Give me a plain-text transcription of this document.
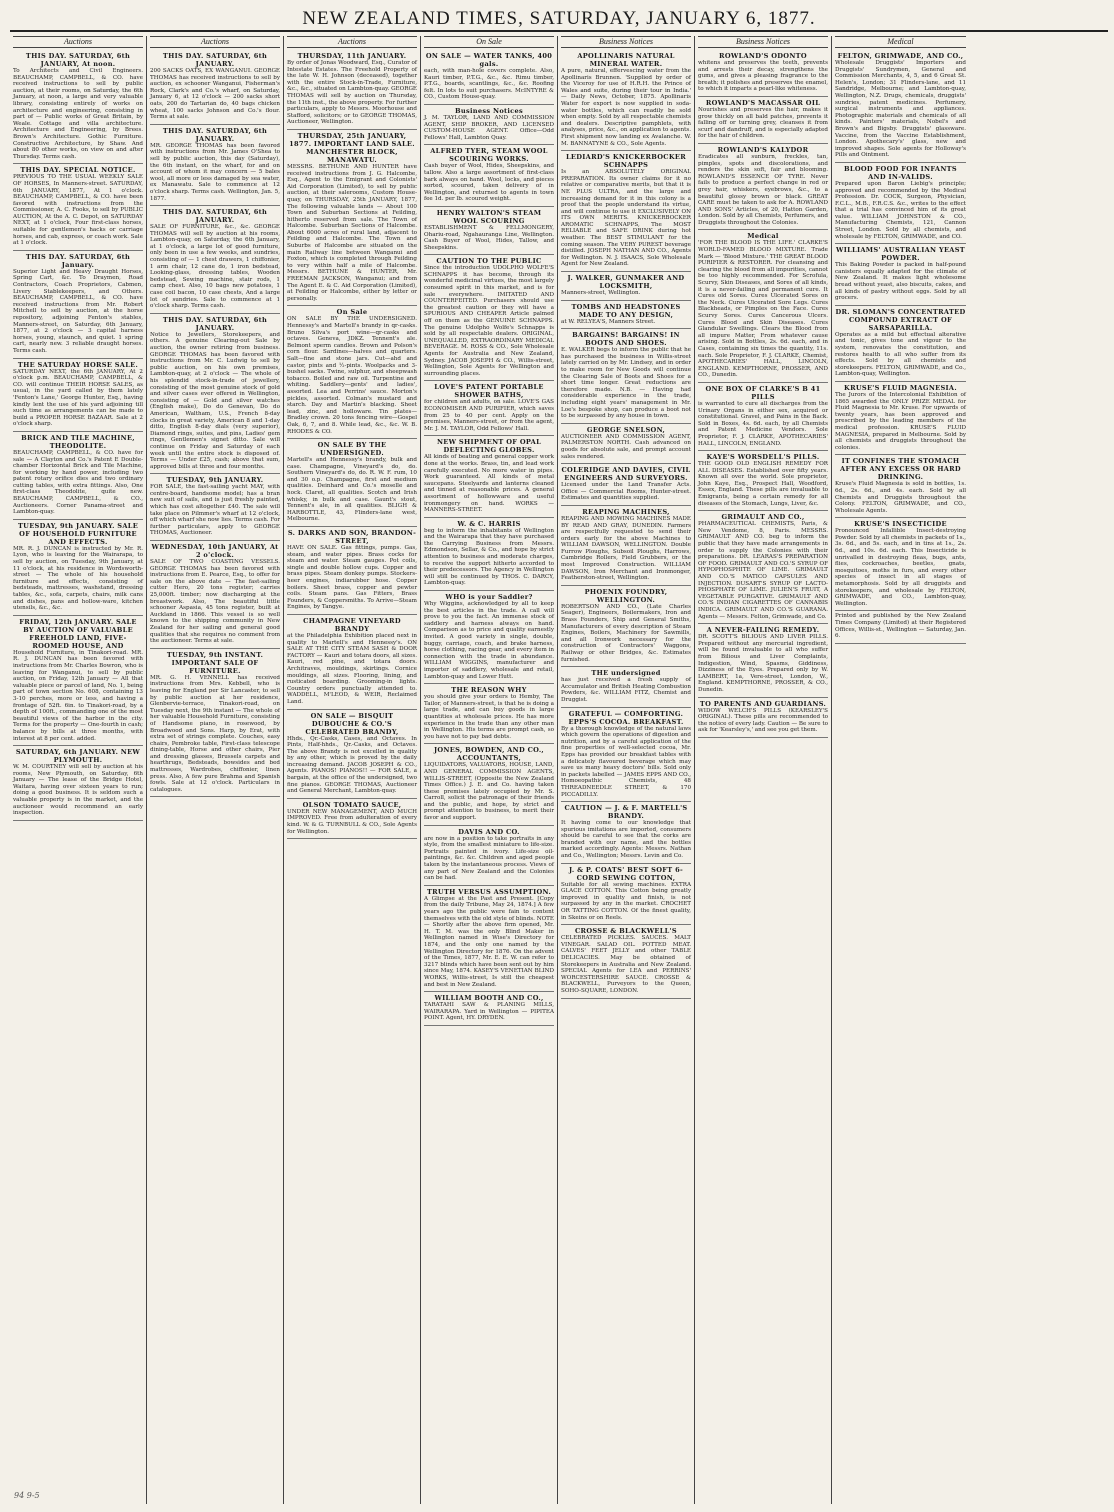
NEW ZEALAND TIMES, SATURDAY, JANUARY 6, 1877.
Auctions
THIS DAY. SATURDAY, 6th JANUARY, At noon.
To Architects and Civil Engineers. BEAUCHAMP, CAMPBELL, & CO. have received instructions to sell by public auction, at their rooms, on Saturday, the 6th January, at noon, a large and very valuable library, consisting entirely of works on architecture and engineering, consisting in part of — Public works of Great Britain, by Weale. Cottage and villa architecture. Architecture and Engineering, by Brees. Brown's Architecture. Gothic Furniture. Constructive Architecture, by Shaw. And about 80 other works, on view on and after Thursday. Terms cash.
THIS DAY. SPECIAL NOTICE.
PREVIOUS TO THE USUAL WEEKLY SALE OF HORSES, In Manners-street. SATURDAY, 6th JANUARY, 1877, At 1 o'clock. BEAUCHAMP, CAMPBELL, & CO. have been favored with instructions from the Commissioner, A. C. Fooks, to sell by PUBLIC AUCTION, At the A. C. Depot, on SATURDAY NEXT, at 1 o'clock, Four first-class horses, suitable for gentlemen's hacks or carriage horses, and cab, express, or coach work. Sale at 1 o'clock.
THIS DAY. SATURDAY, 6th January.
Superior Light and Heavy Draught Horses, Spring Cart, &c. To Draymen, Road Contractors, Coach Proprietors, Cabmen, Livery Stablekeepers, and Others. BEAUCHAMP, CAMPBELL, & CO. have received instructions from Mr. Robert Mitchell to sell by auction, at the horse repository, adjoining Fenton's stables, Manners-street, on Saturday, 6th January, 1877, at 2 o'clock — 3 capital harness horses, young, staunch, and quiet. 1 spring cart, nearly new. 3 reliable draught horses. Terms cash.
THE SATURDAY HORSE SALE.
SATURDAY NEXT, the 6th JANUARY, At 2 o'clock p.m. BEAUCHAMP, CAMPBELL, & CO. will continue THEIR HORSE SALES, as usual, in the yard called by them lately 'Fenton's Lane,' George Hunter, Esq., having kindly lent the use of his yard adjoining till such time as arrangements can be made to build a PROPER HORSE BAZAAR. Sale at 2 o'clock sharp.
BRICK AND TILE MACHINE, THEODOLITE.
BEAUCHAMP, CAMPBELL, & CO. have for sale — A Clayton and Co.'s Patent E Double-chamber Horizontal Brick and Tile Machine, for working by hand power, including two patent rotary orifice dies and two ordinary cutting tables, with extra fittings. Also, One first-class Theodolite, quite new. BEAUCHAMP, CAMPBELL, & CO., Auctioneers. Corner Panama-street and Lambton-quay.
TUESDAY, 9th JANUARY. SALE OF HOUSEHOLD FURNITURE AND EFFECTS.
MR. R. J. DUNCAN is instructed by Mr. R. Lyon, who is leaving for the Wairarapa, to sell by auction, on Tuesday, 9th January, at 11 o'clock, at his residence in Wordsworth-street — The whole of his household furniture and effects, consisting of bedsteads, mattresses, washstand, dressing tables, &c., sofa, carpets, chairs, milk cans and dishes, pans and hollow-ware, kitchen utensils, &c., &c.
FRIDAY, 12th JANUARY. SALE BY AUCTION OF VALUABLE FREEHOLD LAND, FIVE-ROOMED HOUSE, AND
Household Furniture, in Tinakori-road. MR. R. J. DUNCAN has been favored with instructions from Mr. Charles Bowron, who is leaving for Wanganui, to sell by public auction, on Friday, 12th January — All that valuable piece or parcel of land, No. 1, being part of town section No. 608, containing 13 3-10 perches, more or less, and having a frontage of 52ft. 6in. to Tinakori-road, by a depth of 100ft., commanding one of the most beautiful views of the harbor in the city. Terms for the property — One-fourth in cash; balance by bills at three months, with interest at 8 per cent. added.
SATURDAY, 6th JANUARY. NEW PLYMOUTH.
W. M. COURTNEY will sell by auction at his rooms, New Plymouth, on Saturday, 6th January — The lease of the Bridge Hotel, Waitara, having over sixteen years to run; doing a good business. It is seldom such a valuable property is in the market, and the auctioneer would recommend an early inspection.
Auctions
THIS DAY. SATURDAY, 6th JANUARY.
200 SACKS OATS, EX WANGANUI. GEORGE THOMAS has received instructions to sell by auction, ex schooner Wanganui, Fisherman's Rock, Clark's and Co.'s wharf, on Saturday, January 6, at 12 o'clock — 200 sacks short oats, 200 do Tartarian do, 40 bags chicken wheat, 100 sacks Johnson and Co.'s flour. Terms at sale.
THIS DAY. SATURDAY, 6th JANUARY.
MR. GEORGE THOMAS has been favored with instructions from Mr. James O'Shea to sell by public auction, this day (Saturday), the 6th instant, on the wharf, for and on account of whom it may concern — 5 bales wool, all more or less damaged by sea water, ex Manawatu. Sale to commence at 12 o'clock sharp. Terms cash. Wellington, Jan. 5, 1877.
THIS DAY. SATURDAY, 6th JANUARY.
SALE OF FURNITURE, &c., &c. GEORGE THOMAS will sell by auction at his rooms, Lambton-quay, on Saturday, the 6th January, at 1 o'clock, a large lot of good furniture, only been in use a few weeks, and sundries, consisting of — 1 chest drawers, 1 chiffonier, 1 arm chair, 12 cane do, 1 iron bedstead, Looking-glass, dressing tables, Wooden bedstead, Sewing machine, stair rods, 1 camp chest. Also, 10 bags new potatoes, 1 case coil bacon, 10 case chests, And a large lot of sundries. Sale to commence at 1 o'clock sharp. Terms cash.
THIS DAY. SATURDAY, 6th JANUARY.
Notice to Jewellers, Storekeepers, and others. A genuine Clearing-out Sale by auction, the owner retiring from business. GEORGE THOMAS has been favored with instructions from Mr. C. Ludwig to sell by public auction, on his own premises, Lambton-quay, at 2 o'clock — The whole of his splendid stock-in-trade of jewellery, consisting of the most genuine stock of gold and silver cases ever offered in Wellington, consisting of — Gold and silver watches (English make), Do do Genevan, Do do American, Waltham, U.S., French 8-day clocks in great variety, American 8 and 1-day ditto, English 8-day dials (very superior), Diamond rings, suites, and pins, Ladies' gem rings, Gentlemen's signet ditto. Sale will continue on Friday and Saturday of each week until the entire stock is disposed of. Terms — Under £25, cash; above that sum, approved bills at three and four months.
TUESDAY, 9th JANUARY.
FOR SALE, the fast-sailing yacht MAY, with centre-board, handsome model; has a bran new suit of sails, and is just freshly painted, which has cost altogether £40. The sale will take place on Pilmmer's wharf at 12 o'clock, off which wharf she now lies. Terms cash. For further particulars, apply to GEORGE THOMAS, Auctioneer.
WEDNESDAY, 10th JANUARY, At 2 o'clock.
SALE OF TWO COASTING VESSELS. GEORGE THOMAS has been favored with instructions from E. Pearce, Esq., to offer for sale on the above date — The fast-sailing cutter Hero, 20 tons register; carries 25,000ft. timber; now discharging at the breastwork. Also, The beautiful little schooner Aspasia, 45 tons register, built at Auckland in 1866. This vessel is so well known to the shipping community in New Zealand for her sailing and general good qualities that she requires no comment from the auctioneer. Terms at sale.
TUESDAY, 9th INSTANT. IMPORTANT SALE OF FURNITURE.
MR. G. H. VENNELL has received instructions from Mrs. Kebbell, who is leaving for England per Sir Lancaster, to sell by public auction at her residence, Glenbervie-terrace, Tinakori-road, on Tuesday next, the 9th instant — The whole of her valuable Household Furniture, consisting of Handsome piano, in rosewood, by Broadwood and Sons. Harp, by Erat, with extra set of strings complete. Couches, easy chairs, Pembroke table, First-class telescope dining-table, Horse and other chairs, Pier and dressing glasses, Brussels carpets and hearthrugs, Bedsteads, bowsides and bed mattresses, Wardrobes, chiffonier, linen press. Also, A few pure Brahma and Spanish fowls. Sale at 12 o'clock. Particulars in catalogues.
Auctions
THURSDAY, 11th JANUARY.
By order of Jonas Woodward, Esq., Curator of Intestate Estates. The Freehold Property of the late W. H. Johnson (deceased), together with the entire Stock-in-Trade, Furniture, &c., &c., situated on Lambton-quay. GEORGE THOMAS will sell by auction on Thursday, the 11th inst., the above property. For further particulars, apply to Messrs. Moorhouse and Stafford, solicitors; or to GEORGE THOMAS, Auctioneer, Wellington.
THURSDAY, 25th JANUARY, 1877. IMPORTANT LAND SALE. MANCHESTER BLOCK, MANAWATU.
MESSRS. BETHUNE AND HUNTER have received instructions from J. G. Halcombe, Esq., Agent to the Emigrant and Colonists' Aid Corporation (Limited), to sell by public auction, at their salerooms, Custom House-quay, on THURSDAY, 25th JANUARY, 1877, The following valuable lands — About 100 Town and Suburban Sections at Feilding, hitherto reserved from sale. The Town of Halcombe. Suburban Sections of Halcombe. About 6000 acres of rural land, adjacent to Feilding and Halcombe. The Town and Suburbs of Halcombe are situated on the main Railway line between Wanganui and Foxton, which is completed through Feilding to very within half a mile of Halcombe. Messrs. BETHUNE & HUNTER, Mr. FREEMAN JACKSON, Wanganui; and from The Agent E. & C. Aid Corporation (Limited), at Feilding or Halcombe, either by letter or personally.
On Sale
ON SALE BY THE UNDERSIGNED. Hennessy's and Martell's brandy in qr-casks. Bruno Silva's port wine—qr-casks and octaves. Geneva, JDKZ. Tennent's ale. Belmont sperm candles. Brown and Polson's corn flour. Sardines—halves and quarters. Salt—fine and stone jars. Cut—ahd and castor, pints and ½-pints. Woolpacks and 3-bushel sacks. Twine, sulphur, and sheepwash tobacco. Boiled and raw oil. Turpentine and whiting. Saddlery—gents' and ladies', assorted. Lea and Perrins' sauce. Morton's pickles, assorted. Colman's mustard and starch. Day and Martin's blacking. Sheet lead, zinc, and holloware. Tin plates—Bradley crown. 20 tons fencing wire—Gospel Oak, 6, 7, and 8. While lead, &c., &c. W. B. RHODES & CO.
ON SALE BY THE UNDERSIGNED.
Martell's and Hennessy's brandy, bulk and case. Champagne, Vineyard's do, do. Southern Vineyard's do, do. R. W. F. rum, 10 and 30 o.p. Champagne, first and medium qualities. Deinhard and Co.'s moselle and hock. Claret, all qualities. Scotch and Irish whisky, in bulk and case. Gaunt's stout, Tennent's ale, in all qualities. BLIGH & HARBOTTLE, 43, Flinders-lane west, Melbourne.
S. DARKS AND SON, BRANDON-STREET,
HAVE ON SALE. Gas fittings, pumps. Gas, steam, and water pipes. Brass cocks for steam and water. Steam gauges. Pot coils, single and double hollow cups. Copper and brass pipes. Steam donkey pumps. Stockers-heer engines, indiarubber hose. Copper boilers. Sheet brass, copper and pewter coils. Steam pans. Gas Fitters, Brass Founders, & Coppersmiths. To Arrive—Steam Engines, by Tangye.
CHAMPAGNE VINEYARD BRANDY
at the Philadelphia Exhibition placed next in quality to Martell's and Hennessy's. ON SALE AT THE CITY STEAM SASH & DOOR FACTORY — Kauri and totara doors, all sizes. Kauri, red pine, and totara doors. Architraves, mouldings, skirtings. Cornice mouldings, all sizes. Flooring, lining, and rusticated boarding. Grooming-in lights. Country orders punctually attended to. WADDELL, M'LEOD, & WEIR, Reclaimed Land.
ON SALE — BISQUIT DUBOUCHE & CO.'S CELEBRATED BRANDY,
Hhds., Qr.-Casks, Cases, and Octaves. In Pints, Half-hhds., Qr.-Casks, and Octaves. The above Brandy is not excelled in quality by any other, which is proved by the daily increasing demand. JACOB JOSEPH & CO., Agents. PIANOS! PIANOS!! — FOR SALE, a bargain, at the office of the undersigned, two fine pianos. GEORGE THOMAS, Auctioneer and General Merchant, Lambton-quay.
OLSON TOMATO SAUCE,
UNDER NEW MANAGEMENT, AND MUCH IMPROVED. Free from adulteration of every kind. W. & G. TURNBULL & CO., Sole Agents for Wellington.
On Sale
ON SALE — WATER TANKS, 400 gals.
each, with man-hole covers complete. Also, Kauri timber, P.T.G., &c., &c. Rimu timber, P.T.G., boards, scantlings, &c., &c. Roofing felt. In lots to suit purchasers. McINTYRE & CO., Custom House-quay.
Business Notices
J. M. TAYLOR, LAND AND COMMISSION AGENT, SHIP BROKER, AND LICENSED CUSTOM-HOUSE AGENT. Office—Odd Fellows' Hall, Lambton Quay.
ALFRED TYER, STEAM WOOL SCOURING WORKS.
Cash buyer of Wool, Hides, Sheepskins, and tallow. Also a large assortment of first-class bark always on hand. Wool, locks, and pieces sorted, scoured, taken delivery of in Wellington, and returned to agents in town fee 1d. per lb. scoured weight.
HENRY WALTON'S STEAM WOOL SCOURING
ESTABLISHMENT & FELLMONGERY, Ohariu-road, Ngahauranga Line, Wellington. Cash Buyer of Wool, Hides, Tallow, and Sheepskins.
CAUTION TO THE PUBLIC
Since the introduction UDOLPHO WOLFE'S SCHNAPPS it has become, through its wonderful medicinal virtues, the most largely consumed spirit in this market, and is for sale everywhere. IMITATED AND COUNTERFEITED. Purchasers should use the greatest caution or they will have a SPURIOUS AND CHEAPER Article palmed off on them as the GENUINE SCHNAPPS. The genuine Udolpho Wolfe's Schnapps is sold by all respectable dealers. ORIGINAL, UNEQUALLED, EXTRAORDINARY MEDICAL BEVERAGE. M. ROSS & CO., Sole Wholesale Agents for Australia and New Zealand, Sydney. JACOB JOSEPH & CO., Willis-street, Wellington, Sole Agents for Wellington and surrounding places.
LOVE'S PATENT PORTABLE SHOWER BATHS,
for children and adults, on sale. LOVE'S GAS ECONOMISER AND PURIFIER, which saves from 25 to 40 per cent. Apply on the premises, Manners-street, or from the agent, Mr. J. M. TAYLOR, Odd Fellows' Hall.
NEW SHIPMENT OF OPAL DEFLECTING GLOBES.
All kinds of beating and general copper work done at the works. Brass, tin, and lead work carefully executed. No more water in pipes. Work guaranteed. All kinds of metal saucepans. Steelyards and lanterns cleaned and tinned at reasonable prices. A general assortment of hollowware and useful ironmongery on hand. WORKS — MANNERS-STREET.
W. & C. HARRIS
beg to inform the inhabitants of Wellington and the Wairarapa that they have purchased the Carrying Business from Messrs. Edmondson, Sellar, & Co., and hope by strict attention to business and moderate charges, to receive the support hitherto accorded to their predecessors. The Agency in Wellington will still be continued by THOS. C. DARCY, Lambton-quay.
WHO is your Saddler?
Why Wiggins, acknowledged by all to keep the best articles in the trade. A call will prove to you the fact. An immense stock of saddlery and harness always on hand. Comparison as to price and quality earnestly invited. A good variety in single, double, buggy, carriage, coach, and brake harness, horse clothing, racing gear, and every item in connection with the trade in abundance. WILLIAM WIGGINS, manufacturer and importer of saddlery, wholesale and retail, Lambton-quay and Lower Hutt.
THE REASON WHY
you should give your orders to Hemby, The Tailor, of Manners-street, is that he is doing a large trade, and can buy goods in large quantities at wholesale prices. He has more experience in the trade than any other man in Wellington. His terms are prompt cash, so you have not to pay bad debts.
JONES, BOWDEN, AND CO., ACCOUNTANTS,
LIQUIDATORS, VALUATORS, HOUSE, LAND, AND GENERAL COMMISSION AGENTS, WILLIS-STREET, (Opposite the New Zealand Times Office.) J. E. and Co. having taken these premises lately occupied by Mr. S. Carroll, solicit the patronage of their friends and the public, and hope, by strict and prompt attention to business, to merit their favor and support.
DAVIS AND CO.
are now in a position to take portraits in any style, from the smallest miniature to life-size. Portraits painted in ivory. Life-size oil-paintings, &c. &c. Children and aged people taken by the instantaneous process. Views of any part of New Zealand and the Colonies can be had.
TRUTH VERSUS ASSUMPTION.
A Glimpse at the Past and Present. [Copy from the daily Tribune, May 24, 1874.] A few years ago the public were fain to content themselves with the old style of blinds. NOTE — Shortly after the above firm opened, Mr. H. T. M. was the only Blind Maker in Wellington named in Wise's Directory for 1874, and the only one named by the Wellington Directory for 1876. On the advent of the Times, 1877, Mr. E. E. W. can refer to 3217 blinds which have been sent out by him since May, 1874. KASEY'S VENETIAN BLIND WORKS, Willis-street, Is still the cheapest and best in New Zealand.
WILLIAM BOOTH AND CO.,
TARATAHI SAW & PLANING MILLS, WAIRARAPA. Yard in Wellington — PIPITEA POINT. Agent, HY. DRYDEN.
Business Notices
APOLLINARIS NATURAL MINERAL WATER.
A pure, natural, effervescing water from the Apollinaris Brunnen. 'Supplied by order of the Viceroy for use of H.R.H. the Prince of Wales and suite, during their tour in India.' — Daily News, October, 1875. Apollinaris Water for export is now supplied in soda-water bottles, which can readily be sold when empty. Sold by all respectable chemists and dealers. Descriptive pamphlets, with analyses, price, &c., on application to agents. First shipment now landing ex Avalanche. W. M. BANNATYNE & CO., Sole Agents.
LEDIARD'S KNICKERBOCKER SCHNAPPS
Is an ABSOLUTELY ORIGINAL PREPARATION. Its owner claims for it no relative or comparative merits, but that it is NE PLUS ULTRA, and the large and increasing demand for it in this colony is a proof that the people understand its virtue, and will continue to use it EXCLUSIVELY ON ITS OWN MERITS. KNICKERBOCKER AROMATIC SCHNAPPS, The MOST RELIABLE and SAFE DRINK during hot weather. The BEST STIMULANT for the coming season. The VERY PUREST beverage distilled. JOSEPH NATHAN AND CO., Agents for Wellington. N. J. ISAACS, Sole Wholesale Agent for New Zealand.
J. WALKER, GUNMAKER AND LOCKSMITH,
Manners-street, Wellington.
TOMBS AND HEADSTONES MADE TO ANY DESIGN,
at W. RELYEA'S, Manners Street.
BARGAINS! BARGAINS! IN BOOTS AND SHOES.
E. WALKER begs to inform the public that he has purchased the business in Willis-street lately carried on by Mr. Lindsey, and in order to make room for New Goods will continue the Clearing Sale of Boots and Shoes for a short time longer. Great reductions are therefore made. N.B. — Having had considerable experience in the trade, including eight years' management in Mr. Loe's bespoke shop, can produce a boot not to be surpassed by any house in town.
GEORGE SNELSON,
AUCTIONEER AND COMMISSION AGENT, PALMERSTON NORTH. Cash advanced on goods for absolute sale, and prompt account sales rendered.
COLERIDGE AND DAVIES, CIVIL ENGINEERS AND SURVEYORS.
Licensed under the Land Transfer Acts. Office — Commercial Rooms, Hunter-street. Estimates and quantities supplied.
REAPING MACHINES,
REAPING AND MOWING MACHINES MADE BY READ AND GRAY, DUNEDIN. Farmers are respectfully requested to send their orders early for the above Machines to WILLIAM DAWSON, WELLINGTON. Double Furrow Ploughs, Subsoil Ploughs, Harrows, Cambridge Rollers, Field Grubbers, or the most Improved Construction. WILLIAM DAWSON, Iron Merchant and Ironmonger, Featherston-street, Wellington.
PHOENIX FOUNDRY, WELLINGTON.
ROBERTSON AND CO., (Late Charles Seager), Engineers, Boilermakers, Iron and Brass Founders, Ship and General Smiths, Manufacturers of every description of Steam Engines, Boilers, Machinery for Sawmills, and all Ironwork necessary for the construction of Contractors' Waggons, Railway or other Bridges, &c. Estimates furnished.
THE undersigned
has just received a fresh supply of Accumulator and British Heating Combustion Powders, &c. WILLIAM FITZ, Chemist and Druggist.
GRATEFUL — COMFORTING. EPPS'S COCOA. BREAKFAST.
By a thorough knowledge of the natural laws which govern the operations of digestion and nutrition, and by a careful application of the fine properties of well-selected cocoa, Mr. Epps has provided our breakfast tables with a delicately flavoured beverage which may save us many heavy doctors' bills. Sold only in packets labelled — JAMES EPPS AND CO., Homoeopathic Chemists, 48 THREADNEEDLE STREET, & 170 PICCADILLY.
CAUTION — J. & F. MARTELL'S BRANDY.
It having come to our knowledge that spurious imitations are imported, consumers should be careful to see that the corks are branded with our name, and the bottles marked accordingly. Agents: Messrs. Nathan and Co., Wellington; Messrs. Levin and Co.
J. & P. COATS' BEST SOFT 6-CORD SEWING COTTON,
Suitable for all sewing machines. EXTRA GLACE COTTON. This Cotton being greatly improved in quality and finish, is not surpassed by any in the market. CROCHET OR TATTING COTTON. Of the finest quality, in Skeins or on Reels.
CROSSE & BLACKWELL'S
CELEBRATED PICKLES. SAUCES. MALT VINEGAR. SALAD OIL. POTTED MEAT. CALVES' FEET JELLY and other TABLE DELICACIES. May be obtained of Storekeepers in Australia and New Zealand. SPECIAL Agents for LEA and PERRINS' WORCESTERSHIRE SAUCE. CROSSE & BLACKWELL, Purveyors to the Queen, SOHO-SQUARE, LONDON.
Business Notices
ROWLAND'S ODONTO
whitens and preserves the teeth, prevents and arrests their decay, strengthens the gums, and gives a pleasing fragrance to the breath; it polishes and preserves the enamel, to which it imparts a pearl-like whiteness.
ROWLAND'S MACASSAR OIL
Nourishes and preserves the hair, makes it grow thickly on all bald patches, prevents it falling off or turning grey, cleanses it from scurf and dandruff, and is especially adapted for the hair of children.
ROWLAND'S KALYDOR
Eradicates all sunburn, freckles, tan, pimples, spots and discolorations, and renders the skin soft, fair and blooming. ROWLAND'S ESSENCE OF TYRE. Never fails to produce a perfect change in red or grey hair, whiskers, eyebrows, &c., to a beautiful glossy brown or black. GREAT CARE must be taken to ask for A. ROWLAND AND SONS' Articles, of 20, Hatton Garden, London. Sold by all Chemists, Perfumers, and Druggists throughout the Colonies.
Medical
'FOR THE BLOOD IS THE LIFE.' CLARKE'S WORLD-FAMED BLOOD MIXTURE. Trade Mark — 'Blood Mixture.' THE GREAT BLOOD PURIFIER & RESTORER. For cleansing and clearing the blood from all impurities, cannot be too highly recommended. For Scrofula, Scurvy, Skin Diseases, and Sores of all kinds, it is a never-failing and permanent cure. It Cures old Sores. Cures Ulcerated Sores on the Neck. Cures Ulcerated Sore Legs. Cures Blackheads, or Pimples on the Face. Cures Scurvy Sores. Cures Cancerous Ulcers. Cures Blood and Skin Diseases. Cures Glandular Swellings. Clears the Blood from all impure Matter, From whatever cause arising. Sold in Bottles, 2s. 6d. each, and in Cases, containing six times the quantity, 11s. each. Sole Proprietor, F. J. CLARKE, Chemist, APOTHECARIES' HALL, LINCOLN, ENGLAND. KEMPTHORNE, PROSSER, AND CO., Dunedin.
ONE BOX OF CLARKE'S B 41 PILLS
is warranted to cure all discharges from the Urinary Organs in either sex, acquired or constitutional. Gravel, and Pains in the Back. Sold in Boxes, 4s. 6d. each, by all Chemists and Patent Medicine Vendors. Sole Proprietor, F. J. CLARKE, APOTHECARIES' HALL, LINCOLN, ENGLAND.
KAYE'S WORSDELL'S PILLS.
THE GOOD OLD ENGLISH REMEDY FOR ALL DISEASES. Established over fifty years. Known all over the world. Sole proprietor, John Kaye, Esq., Prospect Hall, Woodford, Essex, England. These pills are invaluable to Emigrants, being a certain remedy for all diseases of the Stomach, Lungs, Liver, &c.
GRIMAULT AND CO.,
PHARMACEUTICAL CHEMISTS, Paris, & New Vendome, 8, Paris. MESSRS. GRIMAULT AND CO. beg to inform the public that they have made arrangements in order to supply the Colonies with their preparations. DR. LEARAS'S PREPARATION OF FOOD. GRIMAULT AND CO.'S SYRUP OF HYPOPHOSPHITE OF LIME. GRIMAULT AND CO.'S MATICO CAPSULES AND INJECTION. DUSART'S SYRUP OF LACTO-PHOSPHATE OF LIME. JULIEN'S FRUIT, A VEGETABLE PURGATIVE. GRIMAULT AND CO.'S INDIAN CIGARETTES OF CANNABIS INDICA. GRIMAULT AND CO.'S GUARANA. Agents — Messrs. Felton, Grimwade, and Co.
A NEVER-FAILING REMEDY.
DR. SCOTT'S BILIOUS AND LIVER PILLS. Prepared without any mercurial ingredient, will be found invaluable to all who suffer from Bilious and Liver Complaints, Indigestion, Wind, Spasms, Giddiness, Dizziness of the Eyes. Prepared only by W. LAMBERT, 1a, Vere-street, London, W., England. KEMPTHORNE, PROSSER, & CO., Dunedin.
TO PARENTS AND GUARDIANS.
WIDOW WELCH'S PILLS (KEARSLEY'S ORIGINAL). These pills are recommended to the notice of every lady. Caution — Be sure to ask for 'Kearsley's,' and see you get them.
Medical
FELTON, GRIMWADE, AND CO.,
Wholesale Druggists' Importers and Druggists' Sundrymen, General and Commission Merchants, 4, 5, and 6 Great St. Helen's, London; 31 Flinders-lane, and 11 Sandridge, Melbourne; and Lambton-quay, Wellington, N.Z. Drugs, chemicals, druggists' sundries, patent medicines. Perfumery, surgical instruments and appliances. Photographic materials and chemicals of all kinds. Painters' materials, Nobel's and Brown's and Bigsby. Druggists' glassware. Vaccine, from the Vaccine Establishment, London. Apothecary's' glass, new and improved shapes. Sole agents for Holloway's Pills and Ointment.
BLOOD FOOD FOR INFANTS AND IN-VALIDS.
Prepared upon Baron Liebig's principle; approved and recommended by the Medical Profession. Dr. COCK, Surgeon, Physician, F.C.L., M.B., F.R.C.S. &c., writes to the effect that a trial has convinced him of its great value. WILLIAM JOHNSTON & CO., Manufacturing Chemists, 121, Cannon Street, London. Sold by all chemists, and wholesale by FELTON, GRIMWADE, and CO.
WILLIAMS' AUSTRALIAN YEAST POWDER.
This Baking Powder is packed in half-pound canisters equally adapted for the climate of New Zealand. It makes light wholesome bread without yeast, also biscuits, cakes, and all kinds of pastry without eggs. Sold by all grocers.
DR. SLOMAN'S CONCENTRATED COMPOUND EXTRACT OF SARSAPARILLA.
Operates as a mild but effectual alterative and tonic, gives tone and vigour to the system, renovates the constitution, and restores health to all who suffer from its effects. Sold by all chemists and storekeepers. FELTON, GRIMWADE, and Co., Lambton-quay, Wellington.
KRUSE'S FLUID MAGNESIA.
The Jurors of the Intercolonial Exhibition of 1865 awarded the ONLY PRIZE MEDAL for Fluid Magnesia to Mr. Kruse. For upwards of twenty years, has been approved and prescribed by the leading members of the medical profession. KRUSE'S FLUID MAGNESIA, prepared in Melbourne. Sold by all chemists and druggists throughout the colonies.
IT CONFINES THE STOMACH AFTER ANY EXCESS OR HARD DRINKING.
Kruse's Fluid Magnesia is sold in bottles, 1s. 6d., 2s. 6d., and 4s. each. Sold by all Chemists and Druggists throughout the Colony. FELTON, GRIMWADE, and CO., Wholesale Agents.
KRUSE'S INSECTICIDE
Pronounced Infallible Insect-destroying Powder. Sold by all chemists in packets of 1s., 3s. 6d., and 5s. each, and in tins at 1s., 2s. 6d., and 10s. 6d. each. This Insecticide is unrivalled in destroying fleas, bugs, ants, flies, cockroaches, beetles, gnats, mosquitoes, moths in furs, and every other species of insect in all stages of metamorphosis. Sold by all druggists and storekeepers, and wholesale by FELTON, GRIMWADE, and CO., Lambton-quay, Wellington.
Printed and published by the New Zealand Times Company (Limited) at their Registered Offices, Willis-st., Wellington — Saturday, Jan. 6.
94 9-5
